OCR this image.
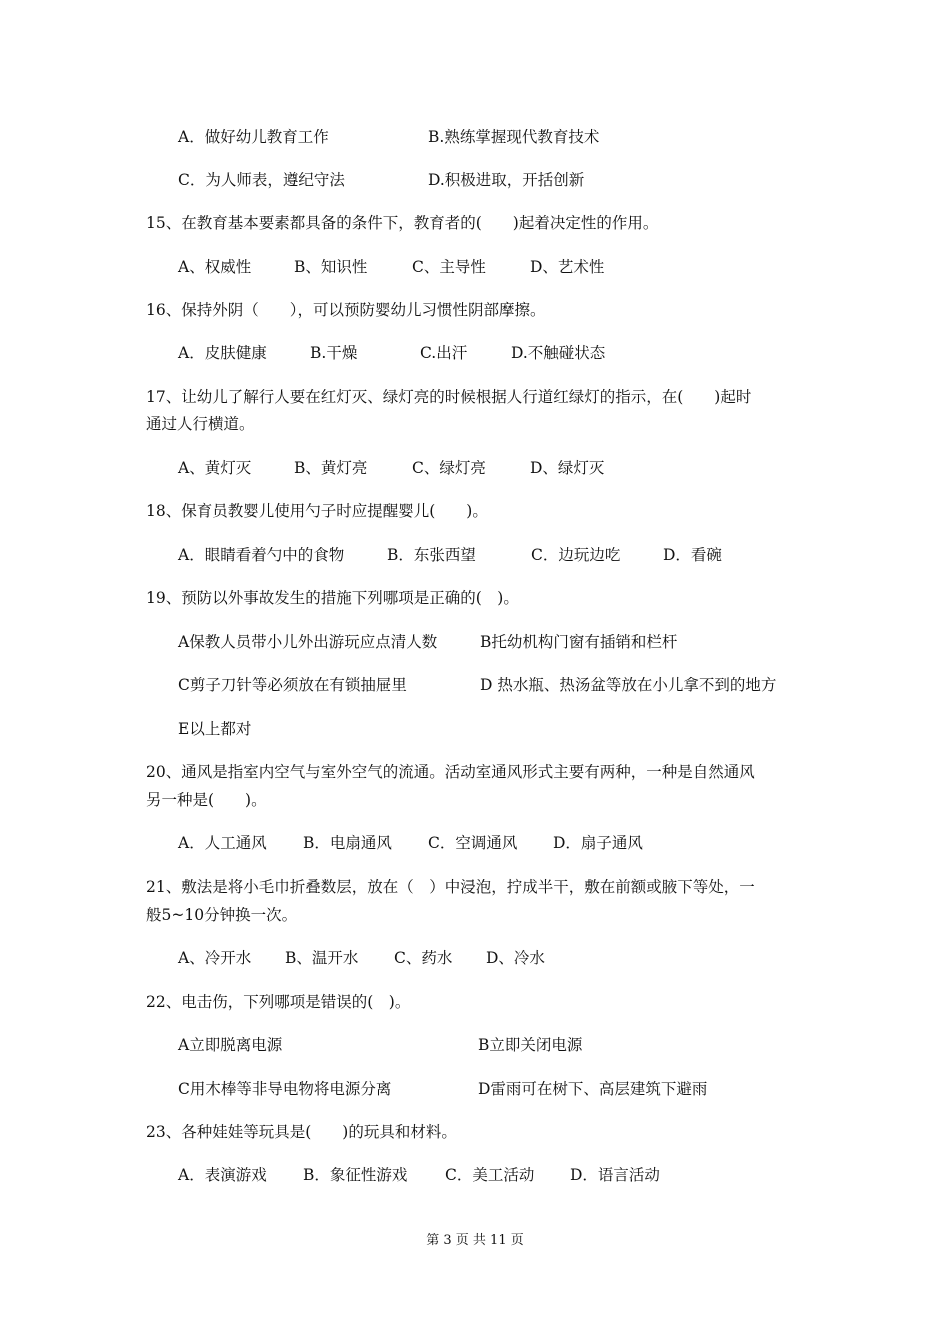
A．做好幼儿教育工作	B.熟练掌握现代教育技术
C．为人师表，遵纪守法	D.积极进取，开括创新
15、在教育基本要素都具备的条件下，教育者的(　　)起着决定性的作用。
A、权威性	B、知识性	C、主导性	D、艺术性
16、保持外阴（　　），可以预防婴幼儿习惯性阴部摩擦。
A．皮肤健康	B.干燥	C.出汗	D.不触碰状态
17、让幼儿了解行人要在红灯灭、绿灯亮的时候根据人行道红绿灯的指示，在(　　)起时
通过人行横道。
A、黄灯灭	B、黄灯亮	C、绿灯亮	D、绿灯灭
18、保育员教婴儿使用勺子时应提醒婴儿(　　)。
A．眼睛看着勺中的食物	B．东张西望	C．边玩边吃	D．看碗
19、预防以外事故发生的措施下列哪项是正确的(　)。
A保教人员带小儿外出游玩应点清人数	B托幼机构门窗有插销和栏杆
C剪子刀针等必须放在有锁抽屉里	D 热水瓶、热汤盆等放在小儿拿不到的地方
E以上都对
20、通风是指室内空气与室外空气的流通。活动室通风形式主要有两种，一种是自然通风
另一种是(　　)。
A．人工通风 B．电扇通风 C．空调通风 D．扇子通风
21、敷法是将小毛巾折叠数层，放在（　）中浸泡，拧成半干，敷在前额或腋下等处，一
般5~10分钟换一次。
A、冷开水 B、温开水 C、药水 D、冷水
22、电击伤，下列哪项是错误的(　)。
A立即脱离电源	B立即关闭电源
C用木棒等非导电物将电源分离	D雷雨可在树下、高层建筑下避雨
23、各种娃娃等玩具是(　　)的玩具和材料。
A．表演游戏 B．象征性游戏 C．美工活动 D．语言活动
第 3 页 共 11 页
